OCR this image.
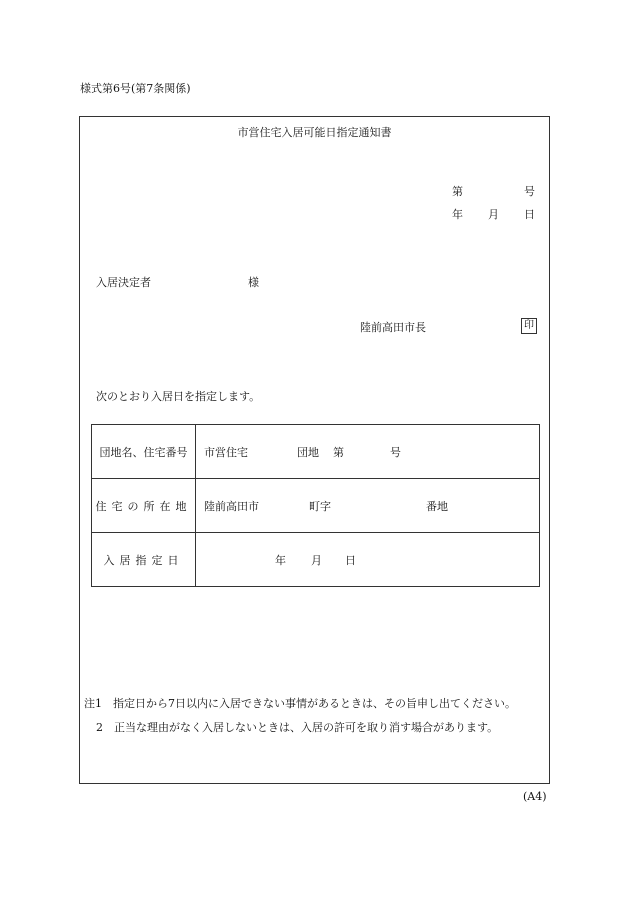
様式第6号(第7条関係)
市営住宅入居可能日指定通知書
第	号
年 月 日
入居決定者	様
陸前高田市長	印
次のとおり入居日を指定します。
団地名、住宅番号	市営住宅 団地 第 号

住宅の所在地	陸前高田市 町字 番地

入居指定日	年 月 日
注1　指定日から7日以内に入居できない事情があるときは、その旨申し出てください。
2　正当な理由がなく入居しないときは、入居の許可を取り消す場合があります。
(A4)
